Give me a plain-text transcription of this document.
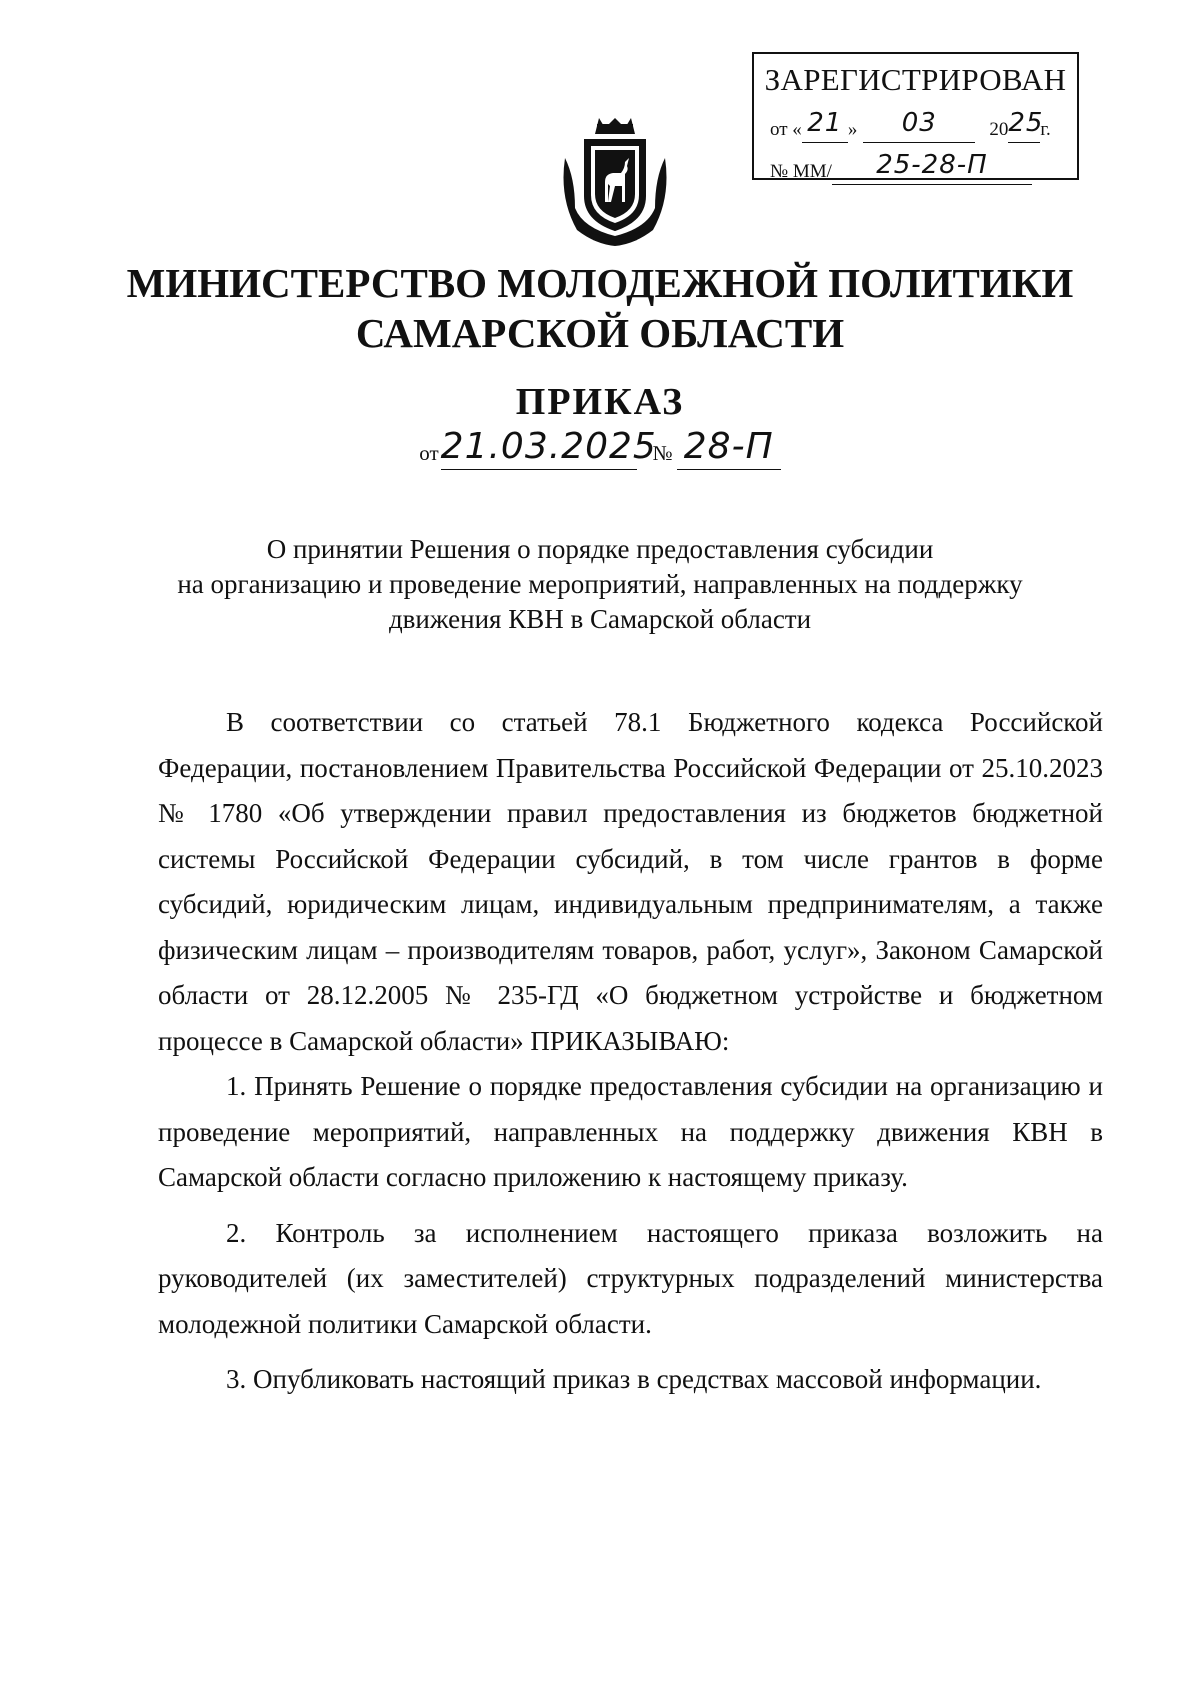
ЗАРЕГИСТРИРОВАН
от « 21 » 03	2025г.
№ ММ/ 25-28-П
МИНИСТЕРСТВО МОЛОДЕЖНОЙ ПОЛИТИКИ
САМАРСКОЙ ОБЛАСТИ
ПРИКАЗ
от21.03.2025№ 28-П
О принятии Решения о порядке предоставления субсидии
на организацию и проведение мероприятий, направленных на поддержку
движения КВН в Самарской области

В соответствии со статьей 78.1 Бюджетного кодекса Российской Федерации, постановлением Правительства Российской Федерации от 25.10.2023 № 1780 «Об утверждении правил предоставления из бюджетов бюджетной системы Российской Федерации субсидий, в том числе грантов в форме субсидий, юридическим лицам, индивидуальным предпринимателям, а также физическим лицам – производителям товаров, работ, услуг», Законом Самарской области от 28.12.2005 № 235-ГД «О бюджетном устройстве и бюджетном процессе в Самарской области» ПРИКАЗЫВАЮ:

1. Принять Решение о порядке предоставления субсидии на организацию и проведение мероприятий, направленных на поддержку движения КВН в Самарской области согласно приложению к настоящему приказу.

2. Контроль за исполнением настоящего приказа возложить на руководителей (их заместителей) структурных подразделений министерства молодежной политики Самарской области.

3. Опубликовать настоящий приказ в средствах массовой информации.
